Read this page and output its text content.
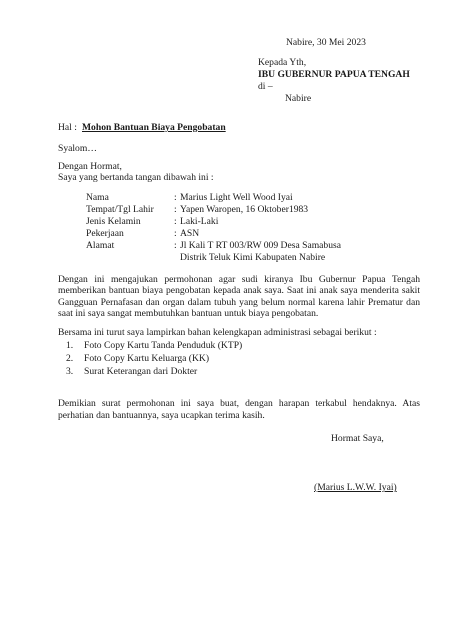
Nabire, 30 Mei 2023
Kepada Yth,
IBU GUBERNUR PAPUA TENGAH
di –
Nabire
Hal : Mohon Bantuan Biaya Pengobatan
Syalom…
Dengan Hormat,
Saya yang bertanda tangan dibawah ini :
Nama	: Marius Light Well Wood Iyai
Tempat/Tgl Lahir : Yapen Waropen, 16 Oktober1983
Jenis Kelamin	: Laki-Laki
Pekerjaan	: ASN
Alamat	: Jl Kali T RT 003/RW 009 Desa Samabusa
Distrik Teluk Kimi Kabupaten Nabire
Dengan ini mengajukan permohonan agar sudi kiranya Ibu Gubernur Papua Tengah memberikan bantuan biaya pengobatan kepada anak saya. Saat ini anak saya menderita sakit Gangguan Pernafasan dan organ dalam tubuh yang belum normal karena lahir Prematur dan saat ini saya sangat membutuhkan bantuan untuk biaya pengobatan.
Bersama ini turut saya lampirkan bahan kelengkapan administrasi sebagai berikut :
1. Foto Copy Kartu Tanda Penduduk (KTP)
2. Foto Copy Kartu Keluarga (KK)
3. Surat Keterangan dari Dokter
Demikian surat permohonan ini saya buat, dengan harapan terkabul hendaknya. Atas perhatian dan bantuannya, saya ucapkan terima kasih.
Hormat Saya,
(Marius L.W.W. Iyai)
